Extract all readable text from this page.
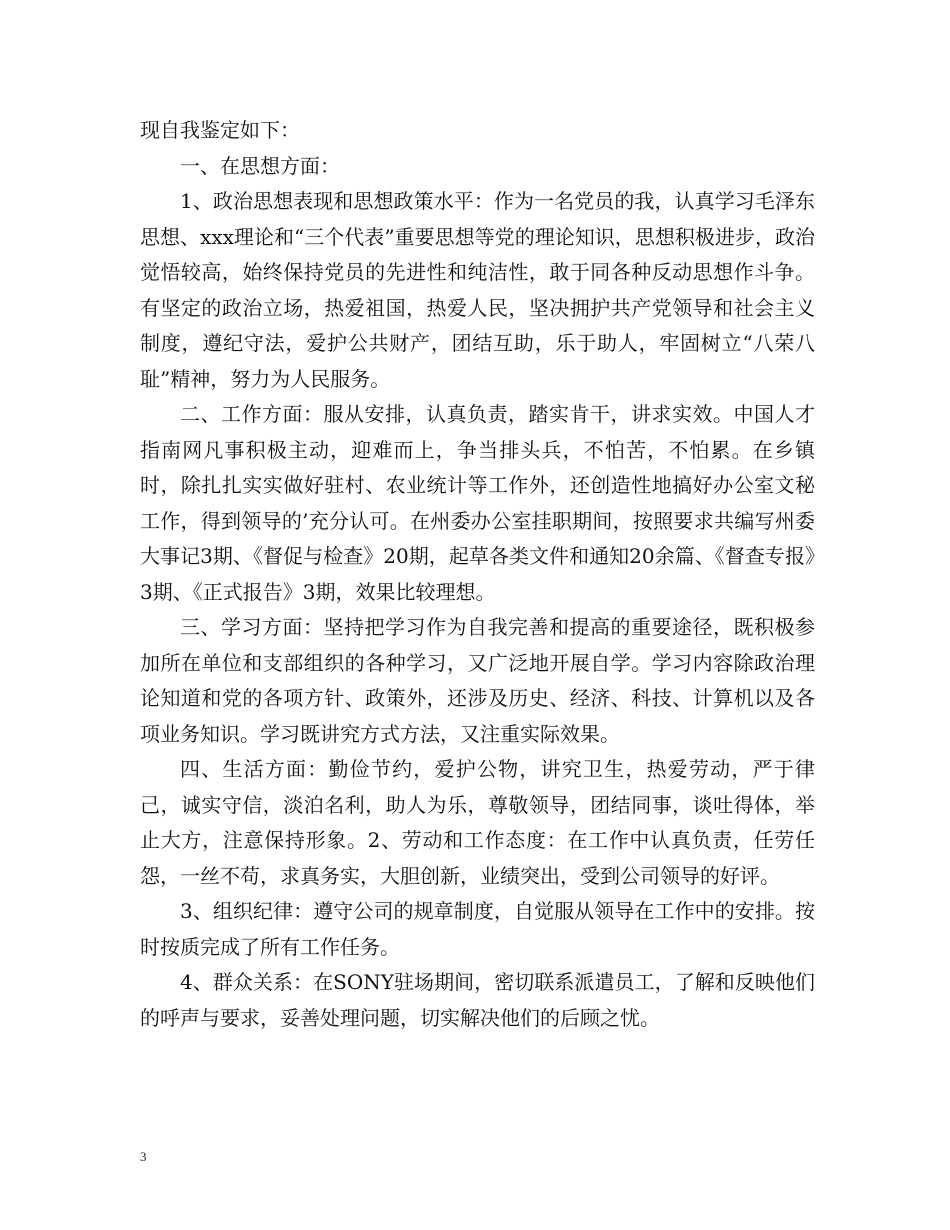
现自我鉴定如下：

一、在思想方面：

1、政治思想表现和思想政策水平：作为一名党员的我，认真学习毛泽东思想、xxx理论和“三个代表”重要思想等党的理论知识，思想积极进步，政治觉悟较高，始终保持党员的先进性和纯洁性，敢于同各种反动思想作斗争。有坚定的政治立场，热爱祖国，热爱人民，坚决拥护共产党领导和社会主义制度，遵纪守法，爱护公共财产，团结互助，乐于助人，牢固树立“八荣八耻”精神，努力为人民服务。

二、工作方面：服从安排，认真负责，踏实肯干，讲求实效。中国人才指南网凡事积极主动，迎难而上，争当排头兵，不怕苦，不怕累。在乡镇时，除扎扎实实做好驻村、农业统计等工作外，还创造性地搞好办公室文秘工作，得到领导的’充分认可。在州委办公室挂职期间，按照要求共编写州委大事记3期、《督促与检查》20期，起草各类文件和通知20余篇、《督查专报》3期、《正式报告》3期，效果比较理想。

三、学习方面：坚持把学习作为自我完善和提高的重要途径，既积极参加所在单位和支部组织的各种学习，又广泛地开展自学。学习内容除政治理论知道和党的各项方针、政策外，还涉及历史、经济、科技、计算机以及各项业务知识。学习既讲究方式方法，又注重实际效果。

四、生活方面：勤俭节约，爱护公物，讲究卫生，热爱劳动，严于律己，诚实守信，淡泊名利，助人为乐，尊敬领导，团结同事，谈吐得体，举止大方，注意保持形象。2、劳动和工作态度：在工作中认真负责，任劳任怨，一丝不苟，求真务实，大胆创新，业绩突出，受到公司领导的好评。

3、组织纪律：遵守公司的规章制度，自觉服从领导在工作中的安排。按时按质完成了所有工作任务。

4、群众关系：在SONY驻场期间，密切联系派遣员工，了解和反映他们的呼声与要求，妥善处理问题，切实解决他们的后顾之忧。

3
